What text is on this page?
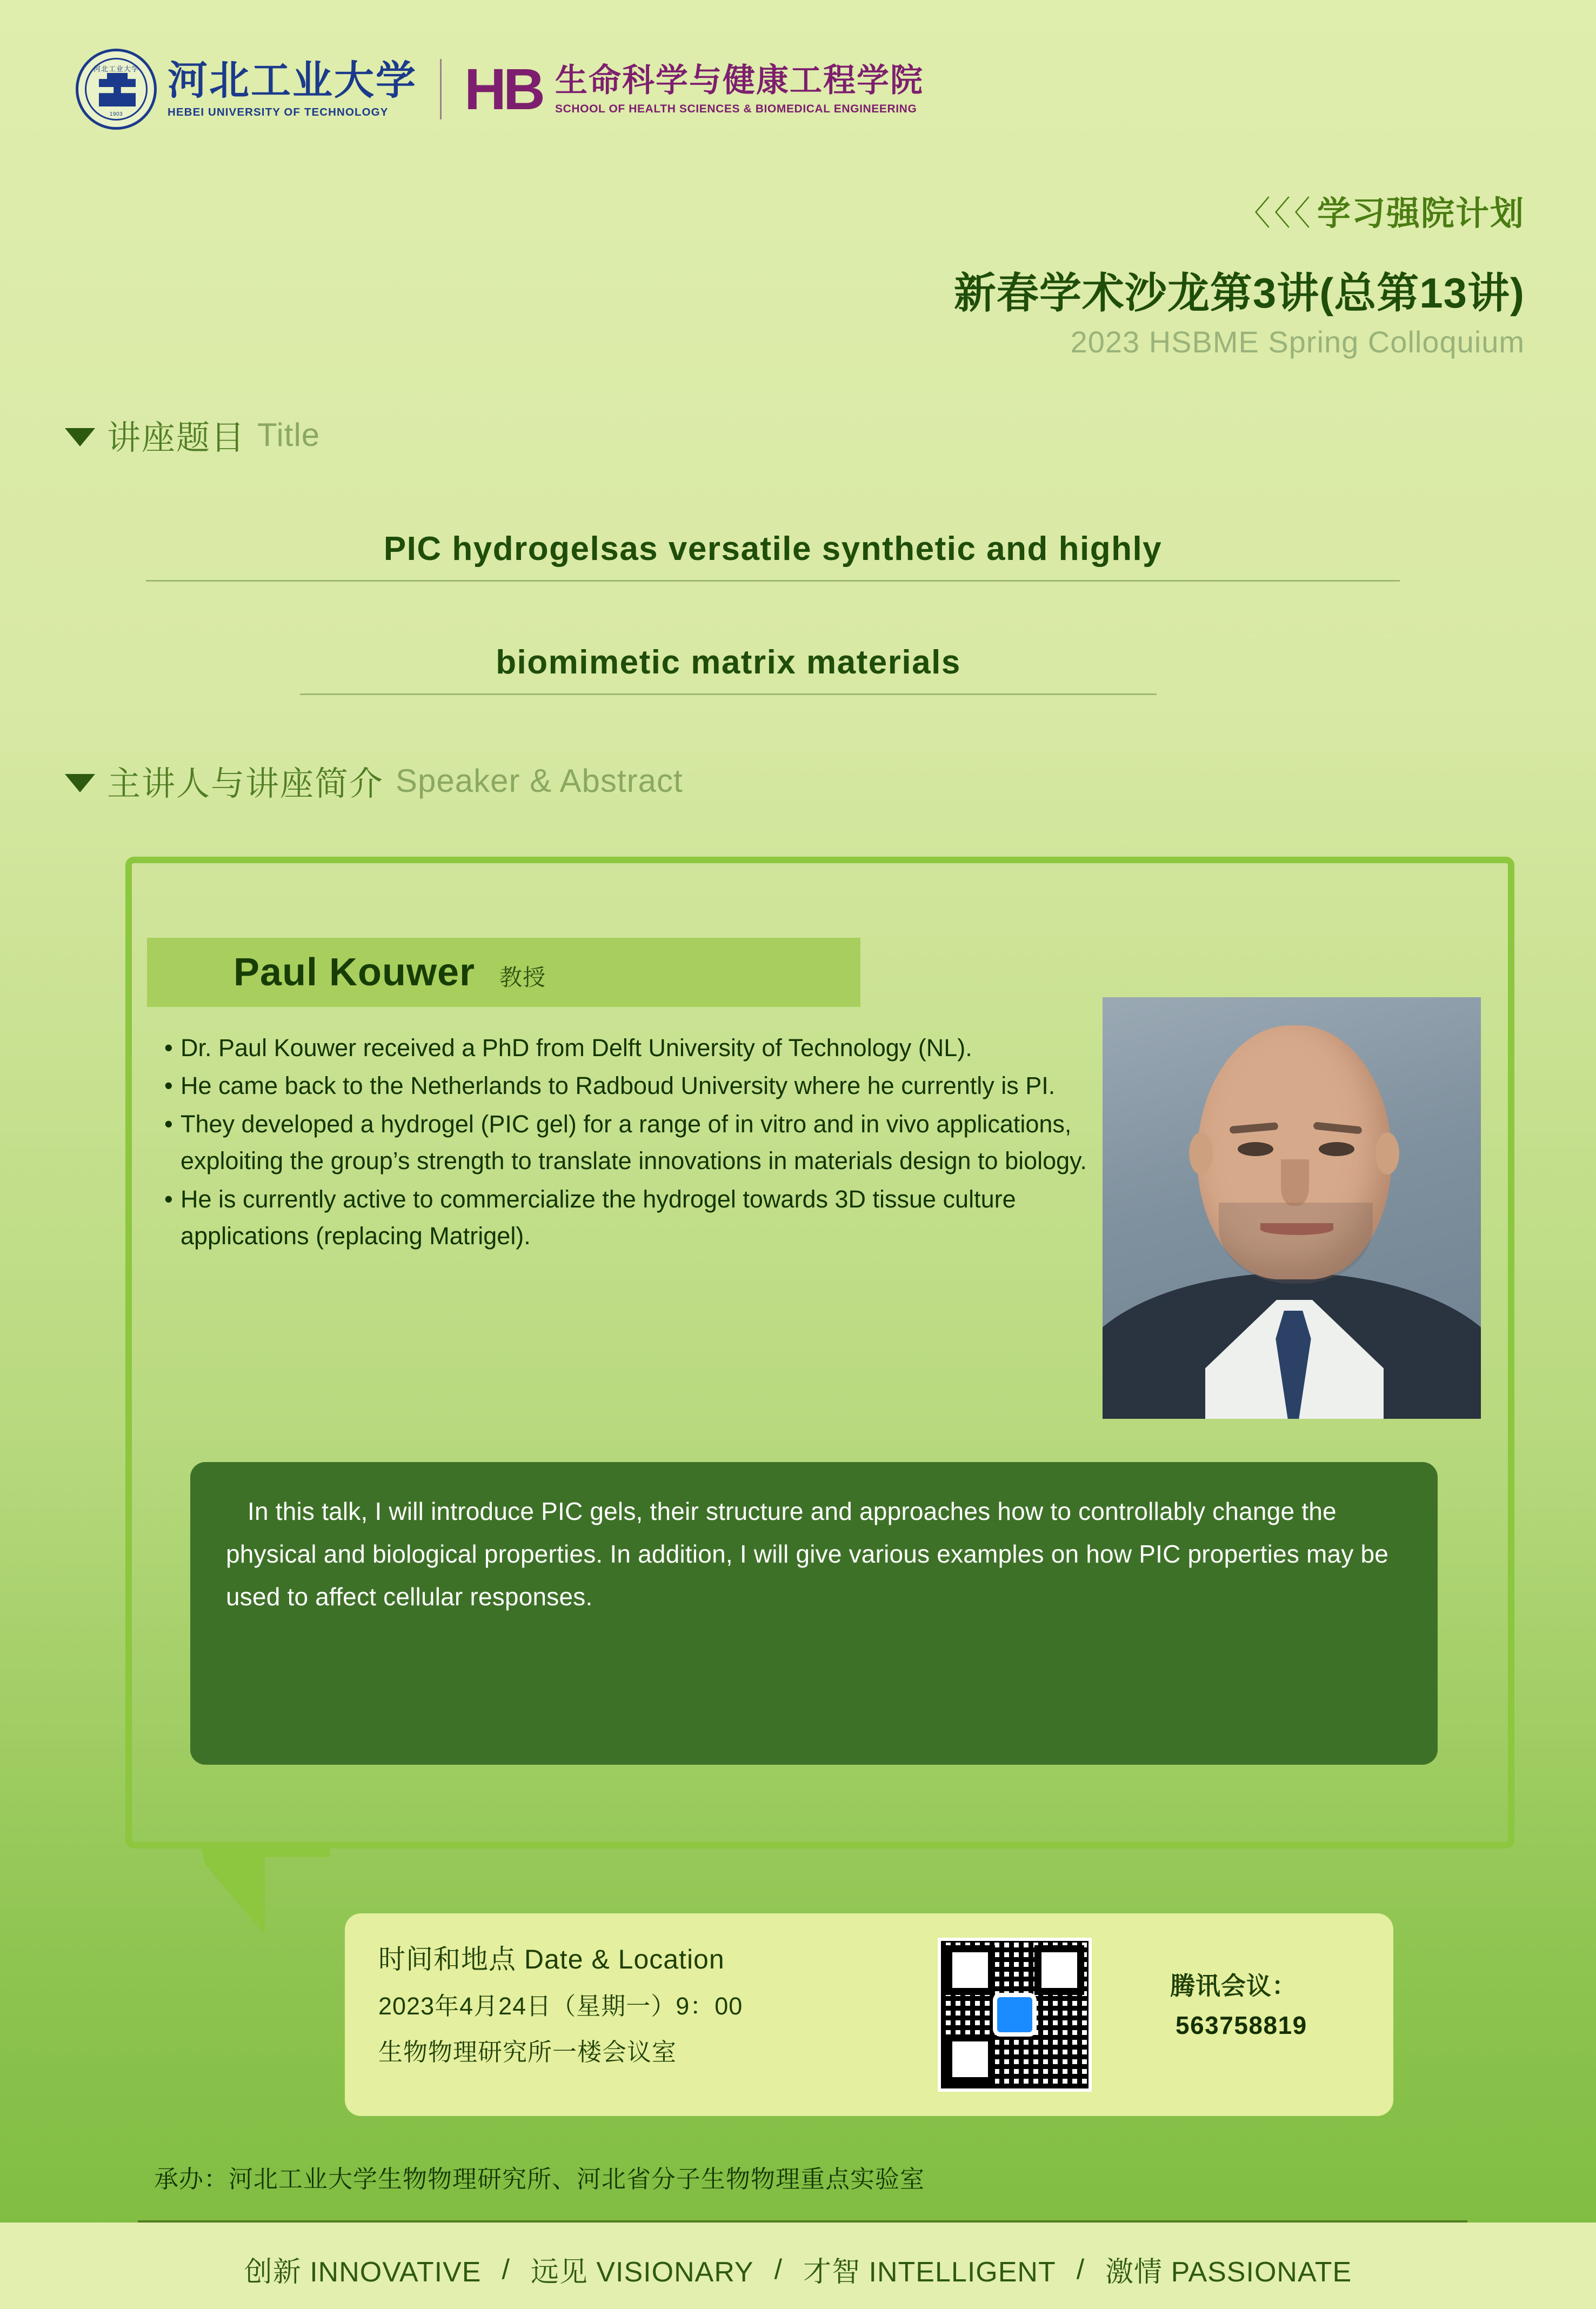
河北工业大学
1903
河北工业大学
HEBEI UNIVERSITY OF TECHNOLOGY	HB 生命科学与健康工程学院
SCHOOL OF HEALTH SCIENCES & BIOMEDICAL ENGINEERING
〈〈〈学习强院计划
新春学术沙龙第3讲(总第13讲)
2023 HSBME Spring Colloquium
讲座题目 Title
PIC hydrogelsas versatile synthetic and highly
biomimetic matrix materials
主讲人与讲座简介 Speaker & Abstract
Paul Kouwer 教授
• Dr. Paul Kouwer received a PhD from Delft University of Technology (NL).
• He came back to the Netherlands to Radboud University where he currently is PI.
• They developed a hydrogel (PIC gel) for a range of in vitro and in vivo applications, exploiting the group’s strength to translate innovations in materials design to biology.
• He is currently active to commercialize the hydrogel towards 3D tissue culture applications (replacing Matrigel).
In this talk, I will introduce PIC gels, their structure and approaches how to controllably change the physical and biological properties. In addition, I will give various examples on how PIC properties may be used to affect cellular responses.
时间和地点 Date & Location
2023年4月24日（星期一）9：00
生物物理研究所一楼会议室
腾讯会议：
563758819
承办：河北工业大学生物物理研究所、河北省分子生物物理重点实验室
创新 INNOVATIVE / 远见 VISIONARY / 才智 INTELLIGENT / 激情 PASSIONATE
